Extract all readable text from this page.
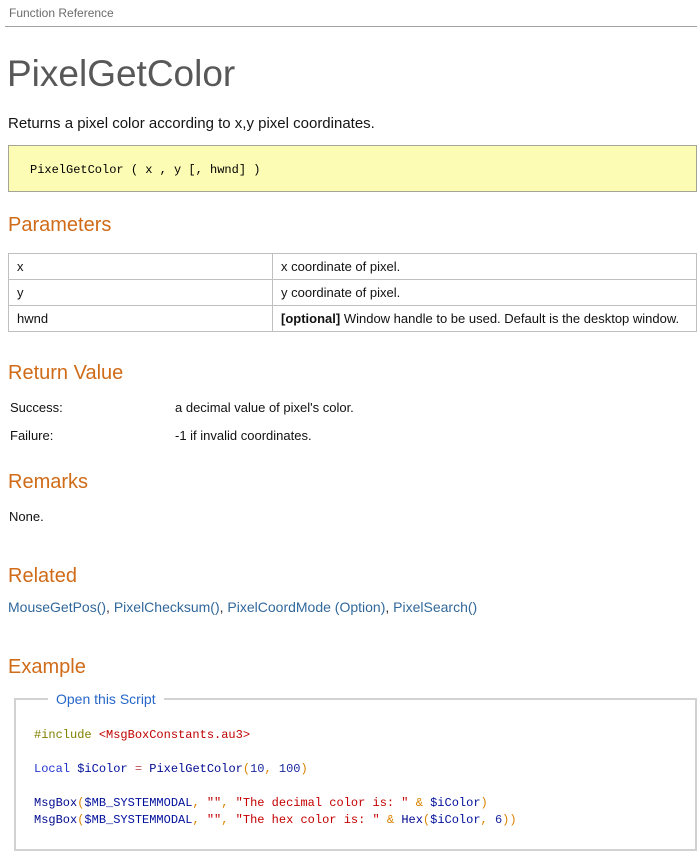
Function Reference
PixelGetColor

Returns a pixel color according to x,y pixel coordinates.

PixelGetColor ( x , y [, hwnd] )
Parameters
x	x coordinate of pixel.
y	y coordinate of pixel.
hwnd	[optional] Window handle to be used. Default is the desktop window.
Return Value
Success:	a decimal value of pixel's color.
Failure:	-1 if invalid coordinates.
Remarks

None.

Related

MouseGetPos(), PixelChecksum(), PixelCoordMode (Option), PixelSearch()

Example
Open this Script
#include <MsgBoxConstants.au3>

Local $iColor = PixelGetColor(10, 100)

MsgBox($MB_SYSTEMMODAL, "", "The decimal color is: " & $iColor)
MsgBox($MB_SYSTEMMODAL, "", "The hex color is: " & Hex($iColor, 6))
